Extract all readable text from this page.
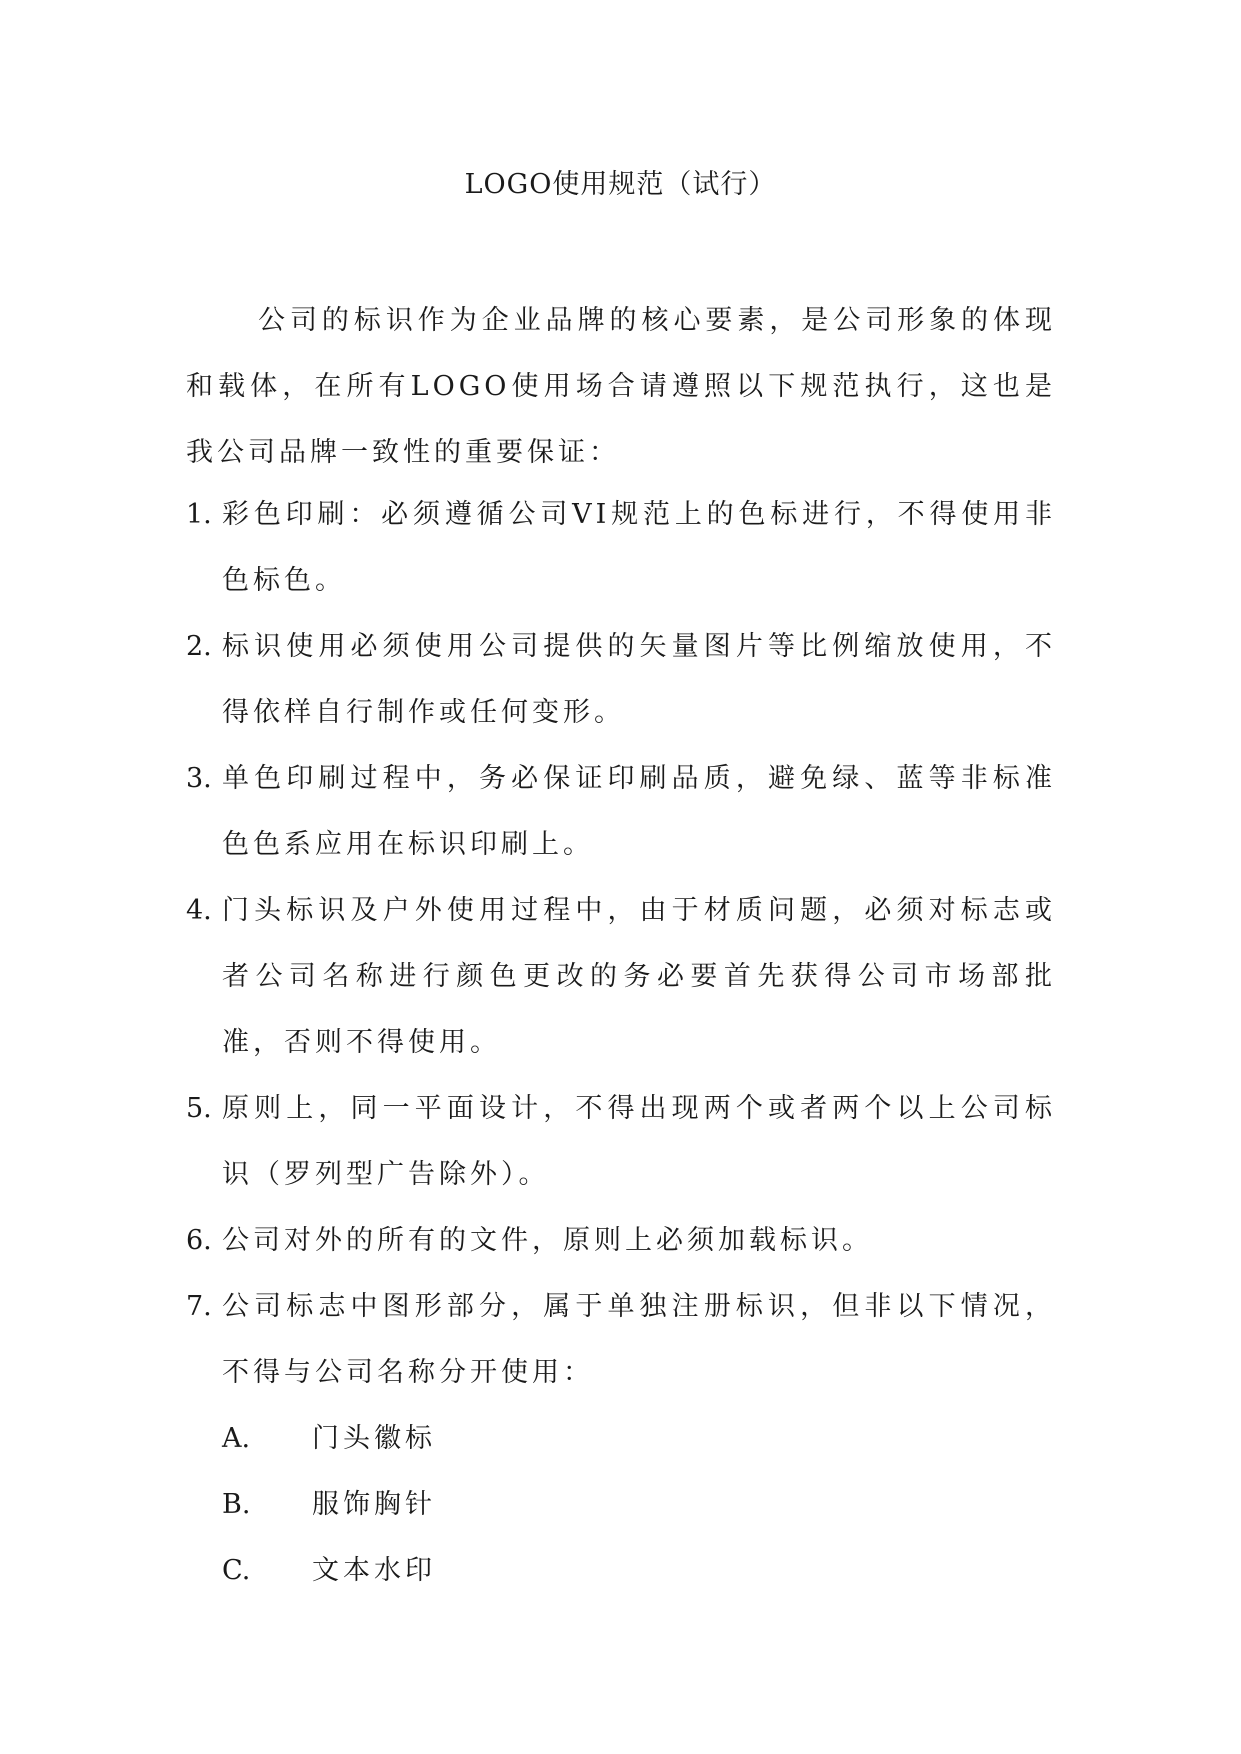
LOGO使用规范（试行）

公司的标识作为企业品牌的核心要素，是公司形象的体现和载体，在所有LOGO使用场合请遵照以下规范执行，这也是我公司品牌一致性的重要保证：

1. 彩色印刷：必须遵循公司VI规范上的色标进行，不得使用非色标色。
2. 标识使用必须使用公司提供的矢量图片等比例缩放使用，不得依样自行制作或任何变形。
3. 单色印刷过程中，务必保证印刷品质，避免绿、蓝等非标准色色系应用在标识印刷上。
4. 门头标识及户外使用过程中，由于材质问题，必须对标志或者公司名称进行颜色更改的务必要首先获得公司市场部批准，否则不得使用。
5. 原则上，同一平面设计，不得出现两个或者两个以上公司标识（罗列型广告除外）。
6. 公司对外的所有的文件，原则上必须加载标识。
7. 公司标志中图形部分，属于单独注册标识，但非以下情况，不得与公司名称分开使用：
A.	门头徽标
B.	服饰胸针
C.	文本水印
